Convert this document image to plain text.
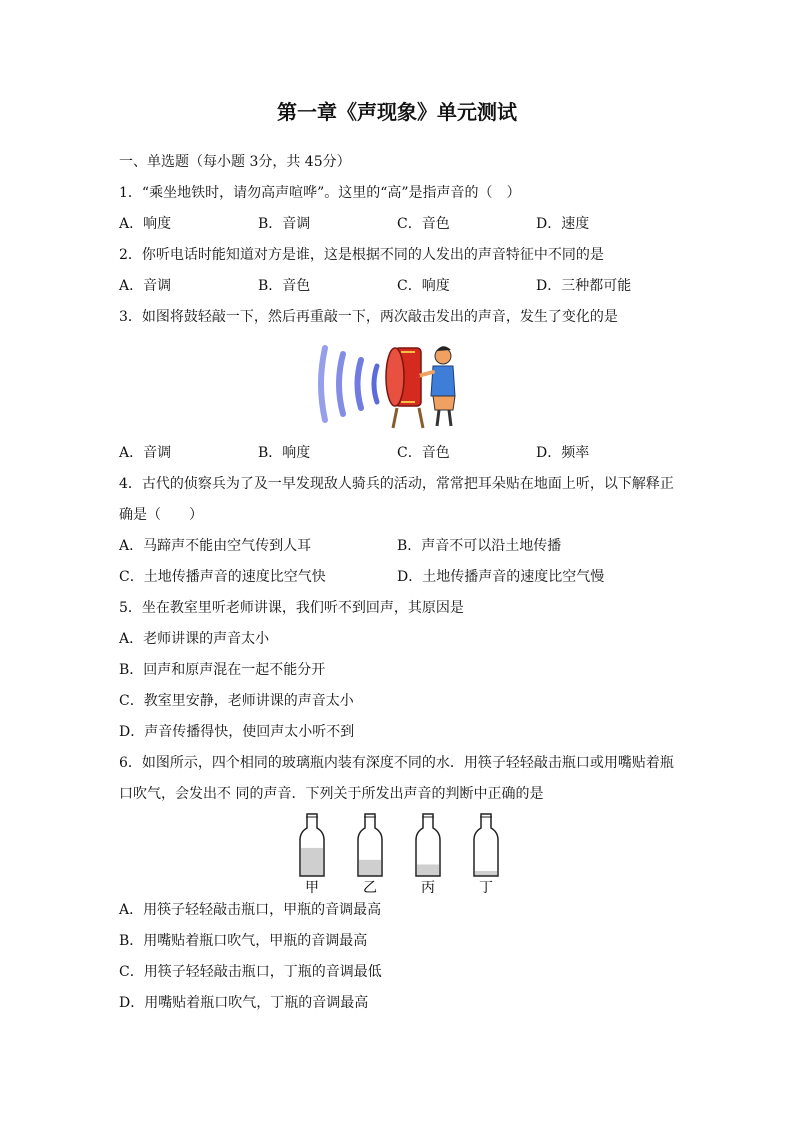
第一章《声现象》单元测试
一、单选题（每小题 3分，共 45分）
1．“乘坐地铁时，请勿高声喧哗”。这里的“高”是指声音的（　）
A．响度	B．音调	C．音色	D．速度
2．你听电话时能知道对方是谁，这是根据不同的人发出的声音特征中不同的是
A．音调	B．音色	C．响度	D．三种都可能
3．如图将鼓轻敲一下，然后再重敲一下，两次敲击发出的声音，发生了变化的是
A．音调	B．响度	C．音色	D．频率
4．古代的侦察兵为了及一早发现敌人骑兵的活动，常常把耳朵贴在地面上听，以下解释正
确是（　　）
A．马蹄声不能由空气传到人耳	B．声音不可以沿土地传播
C．土地传播声音的速度比空气快	D．土地传播声音的速度比空气慢
5．坐在教室里听老师讲课，我们听不到回声，其原因是
A．老师讲课的声音太小
B．回声和原声混在一起不能分开
C．教室里安静，老师讲课的声音太小
D．声音传播得快，使回声太小听不到
6．如图所示，四个相同的玻璃瓶内装有深度不同的水．用筷子轻轻敲击瓶口或用嘴贴着瓶
口吹气，会发出不 同的声音．下列关于所发出声音的判断中正确的是
甲	乙	丙	丁
A．用筷子轻轻敲击瓶口，甲瓶的音调最高
B．用嘴贴着瓶口吹气，甲瓶的音调最高
C．用筷子轻轻敲击瓶口，丁瓶的音调最低
D．用嘴贴着瓶口吹气，丁瓶的音调最高
